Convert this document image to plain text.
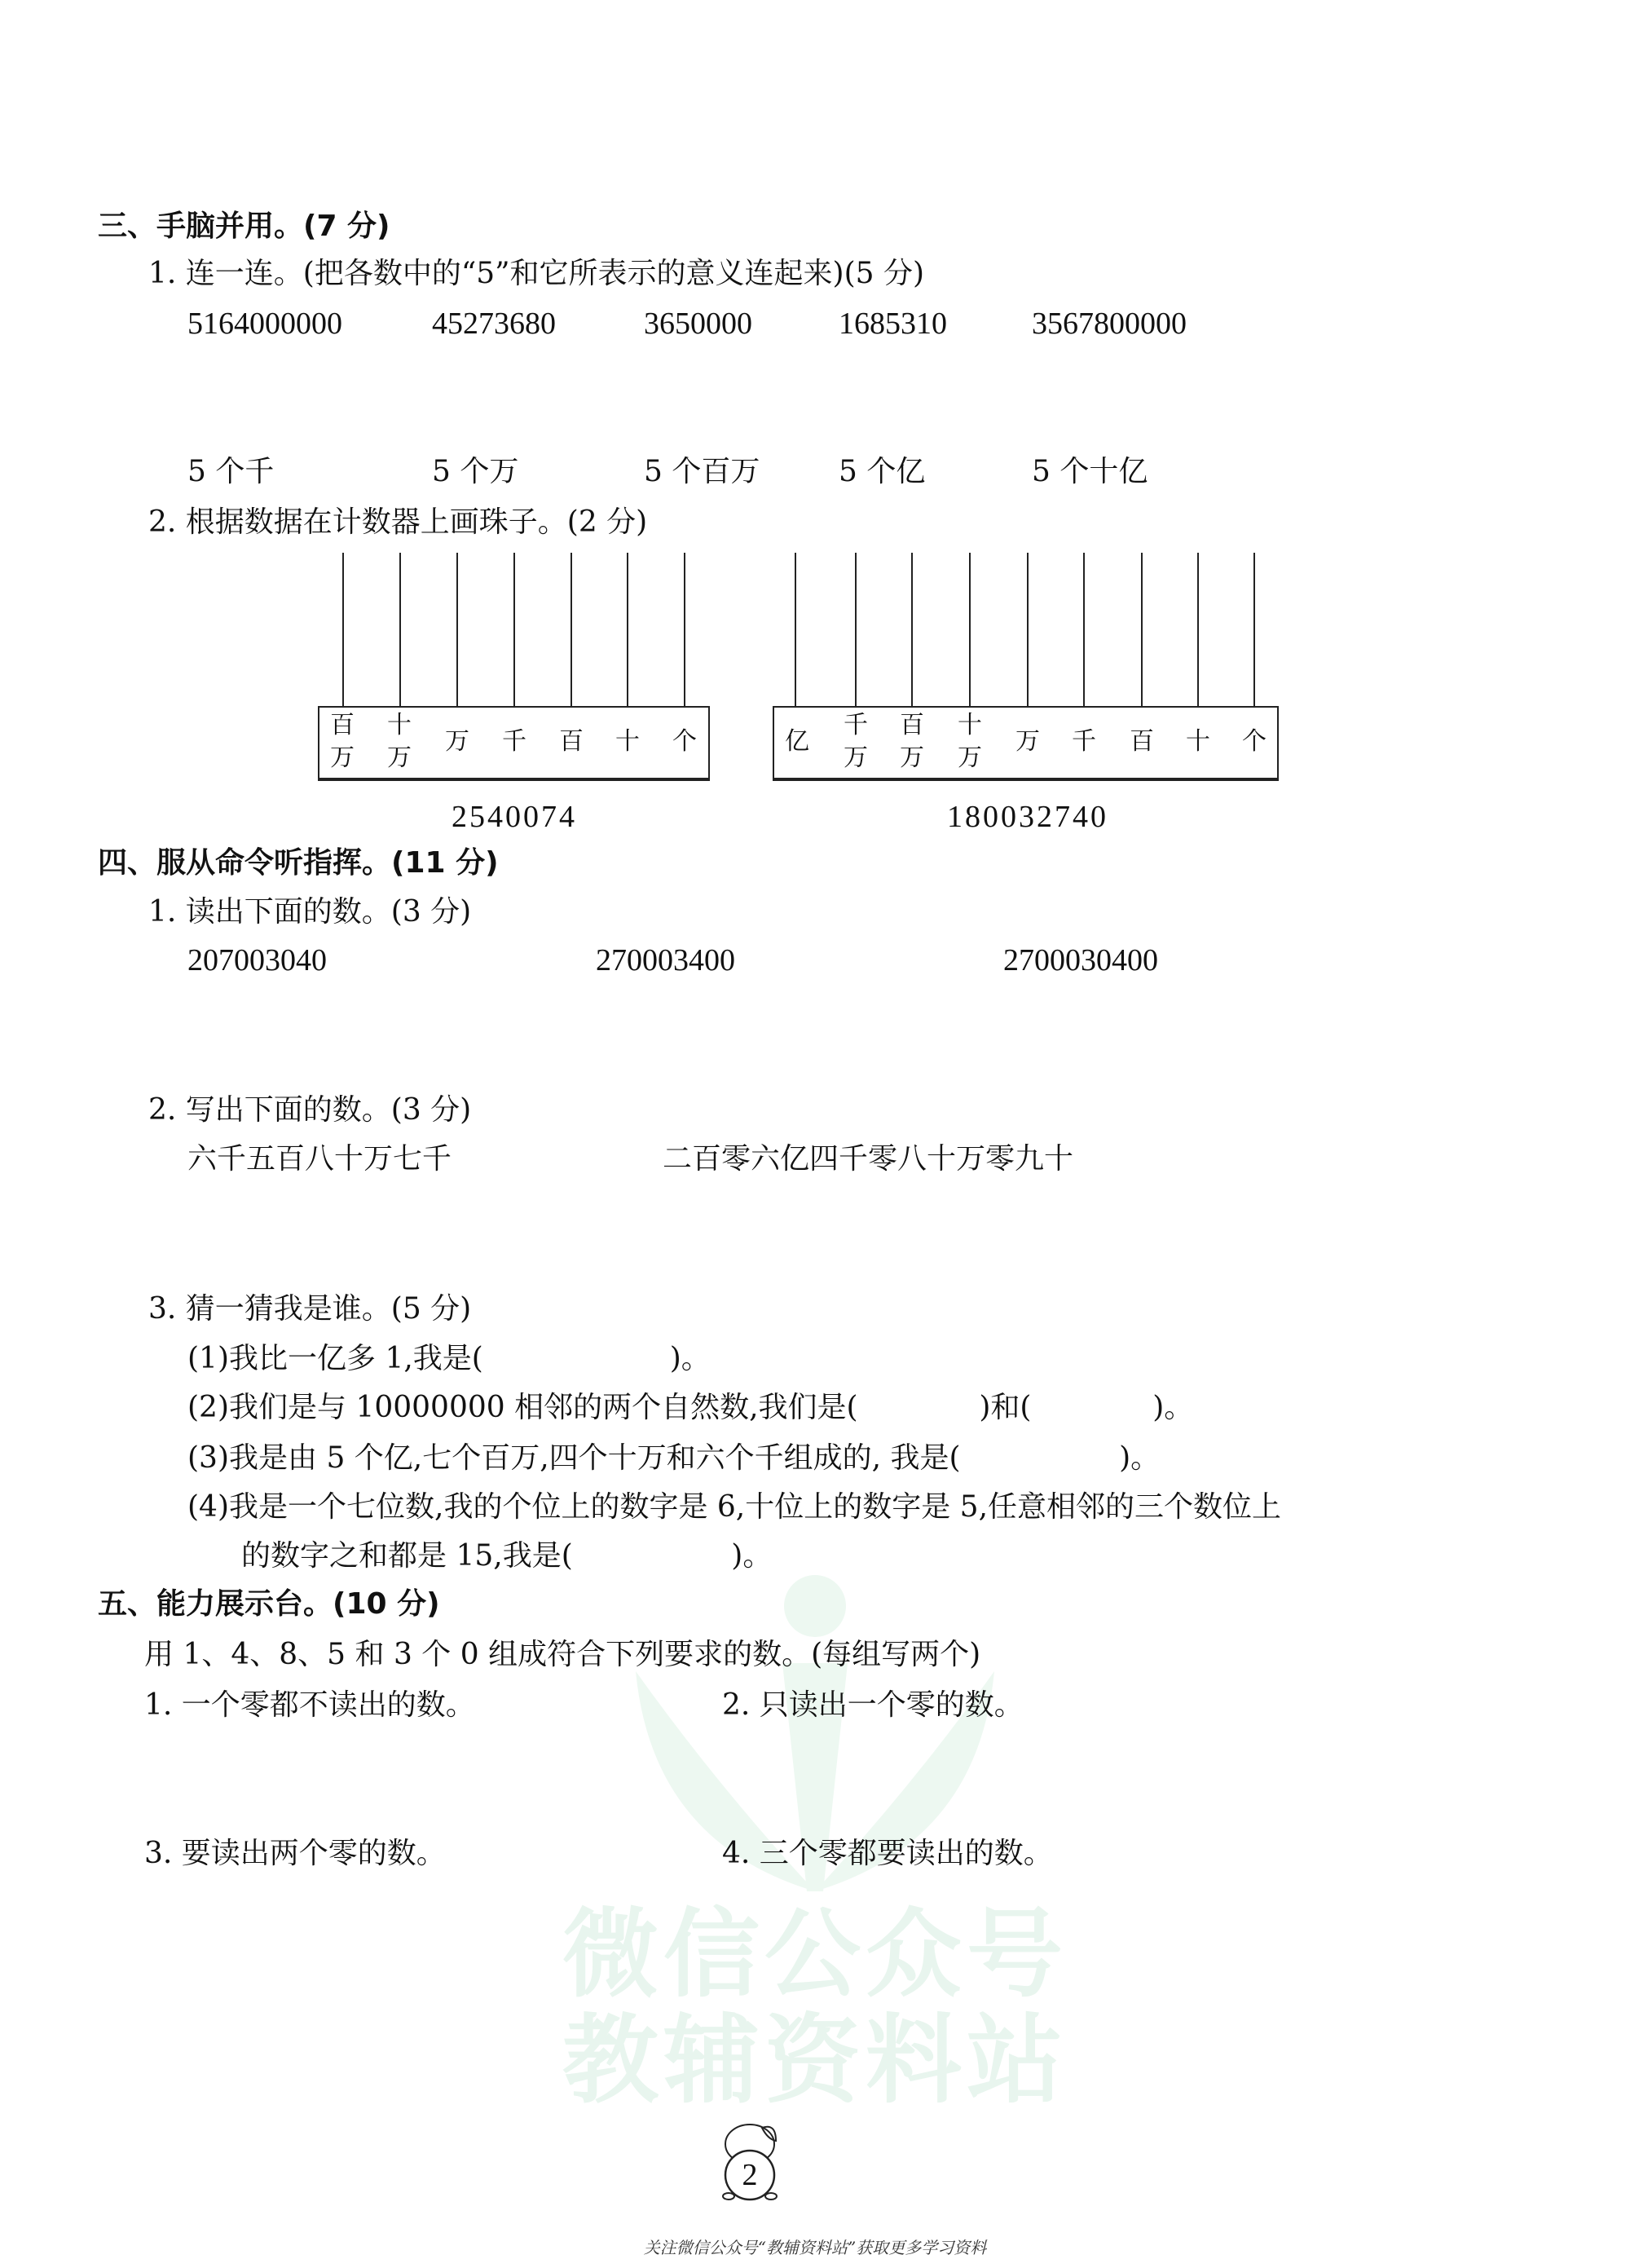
微信公众号
教辅资料站
三、手脑并用。(7 分)
1. 连一连。(把各数中的“5”和它所表示的意义连起来)(5 分)
5164000000	45273680	3650000	1685310	3567800000
5 个千	5 个万	5 个百万	5 个亿	5 个十亿
2. 根据数据在计数器上画珠子。(2 分)
百万
十万
万 千 百 十 个
2540074
亿
千万
百万
十万
万 千 百 十 个
180032740
四、服从命令听指挥。(11 分)
1. 读出下面的数。(3 分)
207003040	270003400	2700030400
2. 写出下面的数。(3 分)
六千五百八十万七千	二百零六亿四千零八十万零九十
3. 猜一猜我是谁。(5 分)
(1)我比一亿多 1,我是(                    )。
(2)我们是与 10000000 相邻的两个自然数,我们是(             )和(             )。
(3)我是由 5 个亿,七个百万,四个十万和六个千组成的, 我是(                 )。
(4)我是一个七位数,我的个位上的数字是 6,十位上的数字是 5,任意相邻的三个数位上
的数字之和都是 15,我是(                 )。
五、能力展示台。(10 分)
用 1、4、8、5 和 3 个 0 组成符合下列要求的数。(每组写两个)
1. 一个零都不读出的数。	2. 只读出一个零的数。
3. 要读出两个零的数。	4. 三个零都要读出的数。
2
关注微信公众号“教辅资料站”获取更多学习资料
